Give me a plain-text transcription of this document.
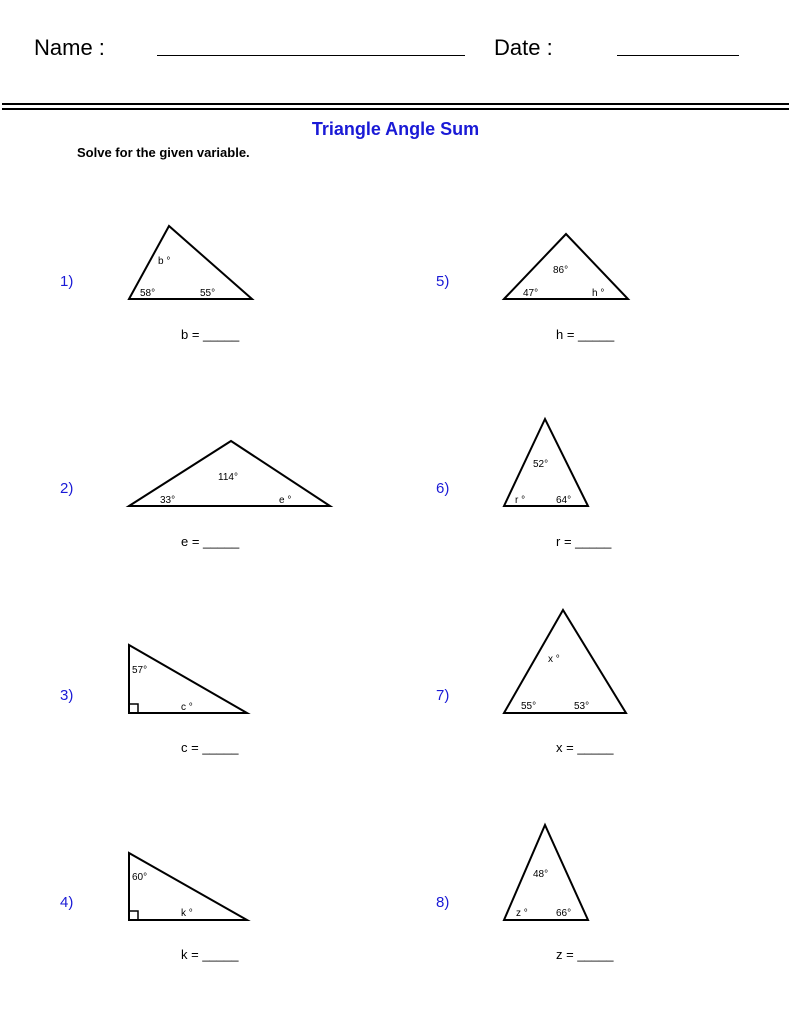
Name :	Date :
Triangle Angle Sum
Solve for the given variable.
1)
2)
3)
4)
5)
6)
7)
8)
b = _____
e = _____
c = _____
k = _____
h = _____
r = _____
x = _____
z = _____
b °
58°	55°
114°
33°	e °
57°
c °
60°
k °
86°
47°	h °
52°
r °	64°
x °
55°	53°
48°
z °	66°
